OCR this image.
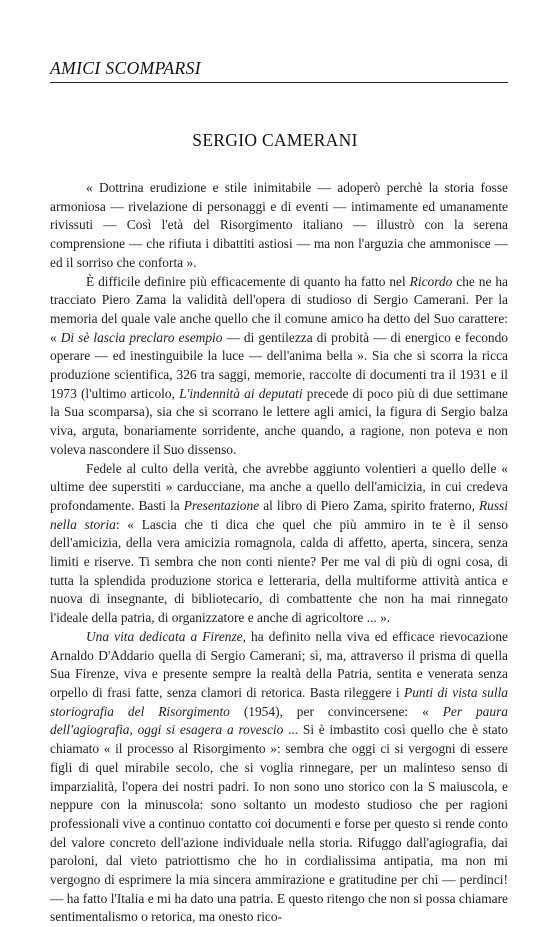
AMICI SCOMPARSI
SERGIO CAMERANI

« Dottrina erudizione e stile inimitabile — adoperò perchè la storia fosse armoniosa — rivelazione di personaggi e di eventi — intimamente ed umanamente rivissuti — Così l'età del Risorgimento italiano — illustrò con la serena comprensione — che rifiuta i dibattiti astiosi — ma non l'arguzia che ammonisce — ed il sorriso che conforta ».

È difficile definire più efficacemente di quanto ha fatto nel Ricordo che ne ha tracciato Piero Zama la validità dell'opera di studioso di Sergio Camerani. Per la memoria del quale vale anche quello che il comune amico ha detto del Suo carattere: « Di sè lascia preclaro esempio — di gentilezza di probità — di energico e fecondo operare — ed inestinguibile la luce — dell'anima bella ». Sia che si scorra la ricca produzione scientifica, 326 tra saggi, memorie, raccolte di documenti tra il 1931 e il 1973 (l'ultimo articolo, L'indennità ai deputati precede di poco più di due settimane la Sua scomparsa), sia che si scorrano le lettere agli amici, la figura di Sergio balza viva, arguta, bonariamente sorridente, anche quando, a ragione, non poteva e non voleva nascondere il Suo dissenso.

Fedele al culto della verità, che avrebbe aggiunto volentieri a quello delle « ultime dee superstiti » carducciane, ma anche a quello dell'amicizia, in cui credeva profondamente. Basti la Presentazione al libro di Piero Zama, spirito fraterno, Russi nella storia: « Lascia che ti dica che quel che più ammiro in te è il senso dell'amicizia, della vera amicizia romagnola, calda di affetto, aperta, sincera, senza limiti e riserve. Ti sembra che non conti niente? Per me val di più di ogni cosa, di tutta la splendida produzione storica e letteraria, della multiforme attività antica e nuova di insegnante, di bibliotecario, di combattente che non ha mai rinnegato l'ideale della patria, di organizzatore e anche di agricoltore ... ».

Una vita dedicata a Firenze, ha definito nella viva ed efficace rievocazione Arnaldo D'Addario quella di Sergio Camerani; sì, ma, attraverso il prisma di quella Sua Firenze, viva e presente sempre la realtà della Patria, sentita e venerata senza orpello di frasi fatte, senza clamori di retorica. Basta rileggere i Punti di vista sulla storiografia del Risorgimento (1954), per convincersene: « Per paura dell'agiografia, oggi si esagera a rovescio ... Si è imbastito così quello che è stato chiamato « il processo al Risorgimento »: sembra che oggi ci si vergogni di essere figli di quel mirabile secolo, che si voglia rinnegare, per un malinteso senso di imparzialità, l'opera dei nostri padri. Io non sono uno storico con la S maiuscola, e neppure con la minuscola: sono soltanto un modesto studioso che per ragioni professionali vive a continuo contatto coi documenti e forse per questo si rende conto del valore concreto dell'azione individuale nella storia. Rifuggo dall'agiografia, dai paroloni, dal vieto patriottismo che ho in cordialissima antipatia, ma non mi vergogno di esprimere la mia sincera ammirazione e gratitudine per chi — perdinci! — ha fatto l'Italia e mi ha dato una patria. E questo ritengo che non si possa chiamare sentimentalismo o retorica, ma onesto rico-
